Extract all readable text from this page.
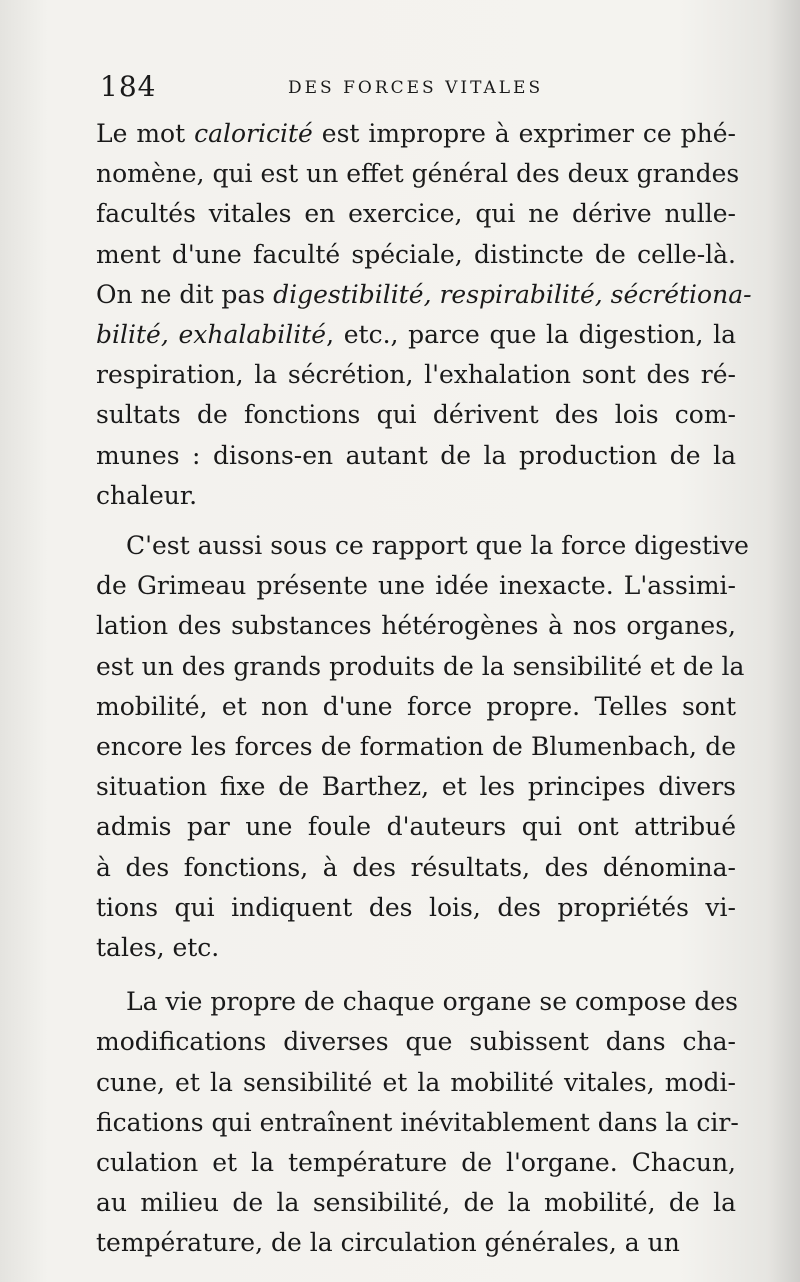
184	DES FORCES VITALES
Le mot caloricité est impropre à exprimer ce phé-
nomène, qui est un effet général des deux grandes
facultés vitales en exercice, qui ne dérive nulle-
ment d'une faculté spéciale, distincte de celle-là.
On ne dit pas digestibilité, respirabilité, sécrétiona-
bilité, exhalabilité, etc., parce que la digestion, la
respiration, la sécrétion, l'exhalation sont des ré-
sultats de fonctions qui dérivent des lois com-
munes : disons-en autant de la production de la
chaleur.
C'est aussi sous ce rapport que la force digestive
de Grimeau présente une idée inexacte. L'assimi-
lation des substances hétérogènes à nos organes,
est un des grands produits de la sensibilité et de la
mobilité, et non d'une force propre. Telles sont
encore les forces de formation de Blumenbach, de
situation fixe de Barthez, et les principes divers
admis par une foule d'auteurs qui ont attribué
à des fonctions, à des résultats, des dénomina-
tions qui indiquent des lois, des propriétés vi-
tales, etc.
La vie propre de chaque organe se compose des
modifications diverses que subissent dans cha-
cune, et la sensibilité et la mobilité vitales, modi-
fications qui entraînent inévitablement dans la cir-
culation et la température de l'organe. Chacun,
au milieu de la sensibilité, de la mobilité, de la
température, de la circulation générales, a un
